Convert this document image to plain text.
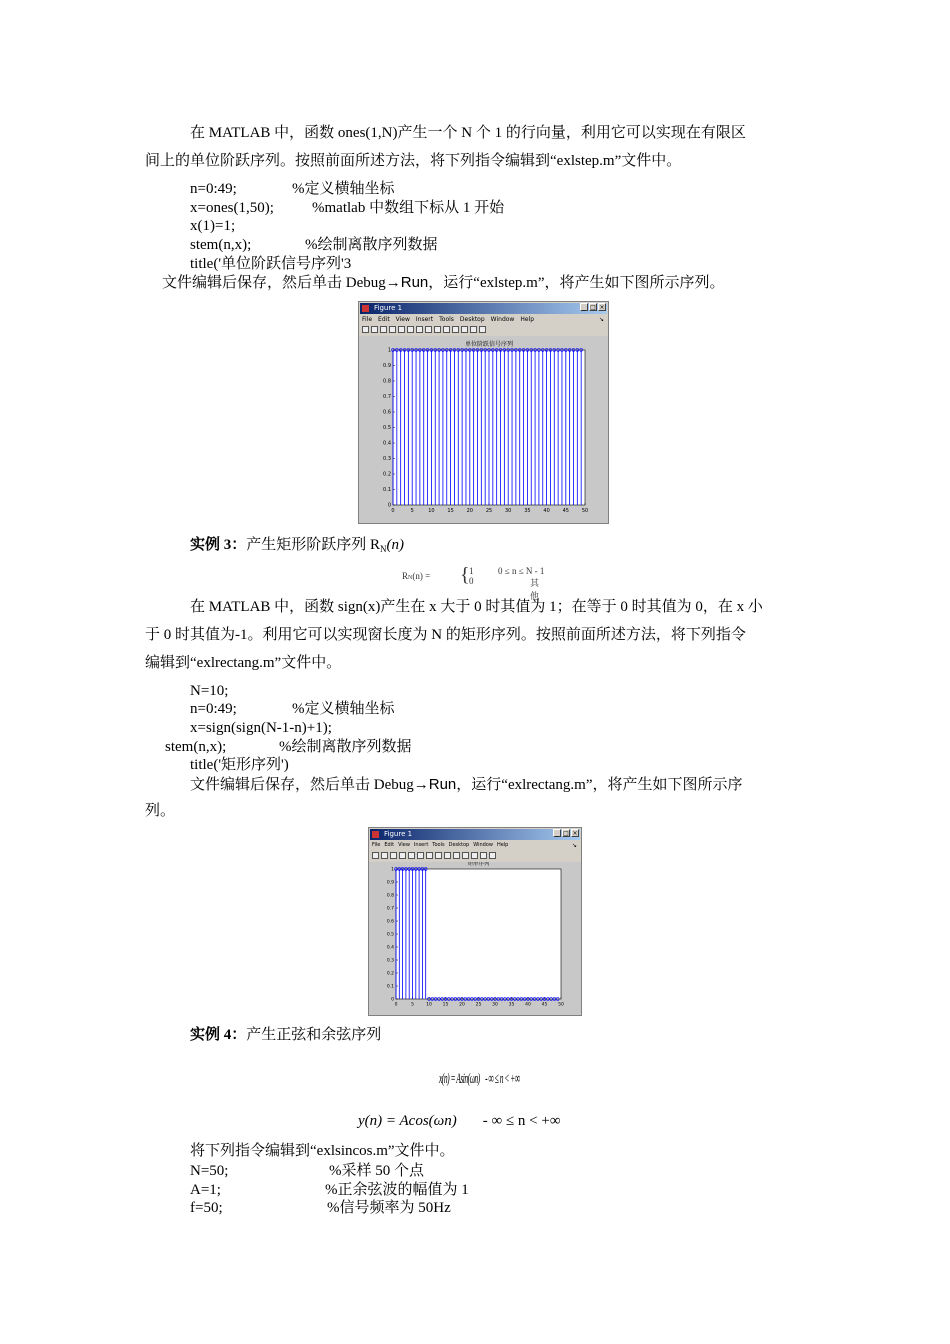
在 MATLAB 中，函数 ones(1,N)产生一个 N 个 1 的行向量，利用它可以实现在有限区
间上的单位阶跃序列。按照前面所述方法，将下列指令编辑到“exlstep.m”文件中。
n=0:49;	%定义横轴坐标
x=ones(1,50);	%matlab 中数组下标从 1 开始
x(1)=1;
stem(n,x);	%绘制离散序列数据
title('单位阶跃信号序列'3
文件编辑后保存，然后单击 Debug→Run，运行“exlstep.m”，将产生如下图所示序列。
Figure 1	_ □ ×
File Edit View Insert Tools Desktop Window Help	↘
单位阶跃信号序列
0	5	10	15	20	25	30	35	40	45	50
0
0.1
0.2
0.3
0.4
0.5
0.6
0.7
0.8
0.9
1
实例 3：产生矩形阶跃序列 $R_N(n)$
RN(n) = { 1	0 ≤ n ≤ N - 1
0	其他
在 MATLAB 中，函数 sign(x)产生在 x 大于 0 时其值为 1；在等于 0 时其值为 0，在 x 小
于 0 时其值为-1。利用它可以实现窗长度为 N 的矩形序列。按照前面所述方法，将下列指令
编辑到“exlrectang.m”文件中。
N=10;
n=0:49;	%定义横轴坐标
x=sign(sign(N-1-n)+1);
stem(n,x);	%绘制离散序列数据
title('矩形序列')
文件编辑后保存，然后单击 Debug→Run，运行“exlrectang.m”，将产生如下图所示序
列。
Figure 1	_ □ ×
File Edit View Insert Tools Desktop Window Help	↘
矩形序列
0	5	10 15 20 25 30 35 40 45 50
0
0.1
0.2
0.3
0.4
0.5
0.6
0.7
0.8
0.9
1
实例 4：产生正弦和余弦序列
x(n) = Asin(ωn)    - ∞ ≤ n < +∞
y(n) = Acos(ωn) - ∞ ≤ n < +∞
将下列指令编辑到“exlsincos.m”文件中。
N=50;	%采样 50 个点
A=1;	%正余弦波的幅值为 1
f=50;	%信号频率为 50Hz
